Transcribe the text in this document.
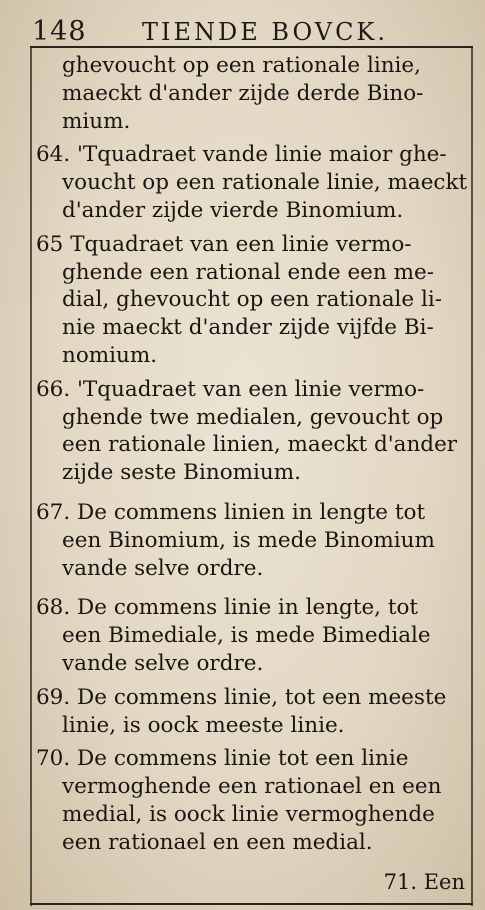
148 TIENDE BOVCK.
ghevoucht op een rationale linie,
maeckt d'ander zijde derde Bino-
mium.
64. 'Tquadraet vande linie maior ghe-
voucht op een rationale linie, maeckt
d'ander zijde vierde Binomium.
65 Tquadraet van een linie vermo-
ghende een rational ende een me-
dial, ghevoucht op een rationale li-
nie maeckt d'ander zijde vijfde Bi-
nomium.
66. 'Tquadraet van een linie vermo-
ghende twe medialen, gevoucht op
een rationale linien, maeckt d'ander
zijde seste Binomium.
67. De commens linien in lengte tot
een Binomium, is mede Binomium
vande selve ordre.
68. De commens linie in lengte, tot
een Bimediale, is mede Bimediale
vande selve ordre.
69. De commens linie, tot een meeste
linie, is oock meeste linie.
70. De commens linie tot een linie
vermoghende een rationael en een
medial, is oock linie vermoghende
een rationael en een medial.
71. Een
